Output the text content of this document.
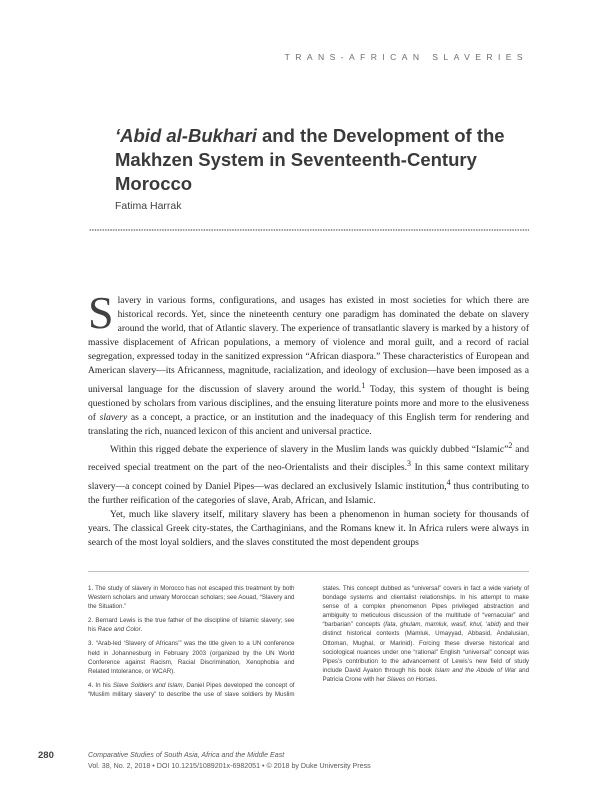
TRANS-AFRICAN SLAVERIES
‘Abid al-Bukhari and the Development of the Makhzen System in Seventeenth-Century Morocco
Fatima Harrak

Slavery in various forms, configurations, and usages has existed in most societies for which there are historical records. Yet, since the nineteenth century one paradigm has dominated the debate on slavery around the world, that of Atlantic slavery. The experience of transatlantic slavery is marked by a history of massive displacement of African populations, a memory of violence and moral guilt, and a record of racial segregation, expressed today in the sanitized expression “African diaspora.” These characteristics of European and American slavery—its Africanness, magnitude, racialization, and ideology of exclusion—have been imposed as a universal language for the discussion of slavery around the world.$^1$ Today, this system of thought is being questioned by scholars from various disciplines, and the ensuing literature points more and more to the elusiveness of slavery as a concept, a practice, or an institution and the inadequacy of this English term for rendering and translating the rich, nuanced lexicon of this ancient and universal practice.

Within this rigged debate the experience of slavery in the Muslim lands was quickly dubbed “Islamic”$^2$ and received special treatment on the part of the neo-Orientalists and their disciples.$^3$ In this same context military slavery—a concept coined by Daniel Pipes—was declared an exclusively Islamic institution,$^4$ thus contributing to the further reification of the categories of slave, Arab, African, and Islamic.

Yet, much like slavery itself, military slavery has been a phenomenon in human society for thousands of years. The classical Greek city-states, the Carthaginians, and the Romans knew it. In Africa rulers were always in search of the most loyal soldiers, and the slaves constituted the most dependent groups

1. The study of slavery in Morocco has not escaped this treatment by both Western scholars and unwary Moroccan scholars; see Aouad, “Slavery and the Situation.”

2. Bernard Lewis is the true father of the discipline of Islamic slavery; see his Race and Color.

3. “Arab-led ‘Slavery of Africans’” was the title given to a UN conference held in Johannesburg in February 2003 (organized by the UN World Conference against Racism, Racial Discrimination, Xenophobia and Related Intolerance, or WCAR).

4. In his Slave Soldiers and Islam, Daniel Pipes developed the concept of “Muslim military slavery” to describe the use of slave soldiers by Muslim states. This concept dubbed as “universal” covers in fact a wide variety of bondage systems and clientalist relationships. In his attempt to make sense of a complex phenomenon Pipes privileged abstraction and ambiguity to meticulous discussion of the multitude of “vernacular” and “barbarian” concepts (fata, ghulam, mamluk, wasif, khul, ‘abid) and their distinct historical contexts (Mamluk, Umayyad, Abbasid, Andalusian, Ottoman, Mughal, or Marinid). Forcing these diverse historical and sociological nuances under one “rational” English “universal” concept was Pipes’s contribution to the advancement of Lewis’s new field of study include David Ayalon through his book Islam and the Abode of War and Patricia Crone with her Slaves on Horses.

280	Comparative Studies of South Asia, Africa and the Middle East
Vol. 38, No. 2, 2018 • DOI 10.1215/1089201x-6982051 • © 2018 by Duke University Press
